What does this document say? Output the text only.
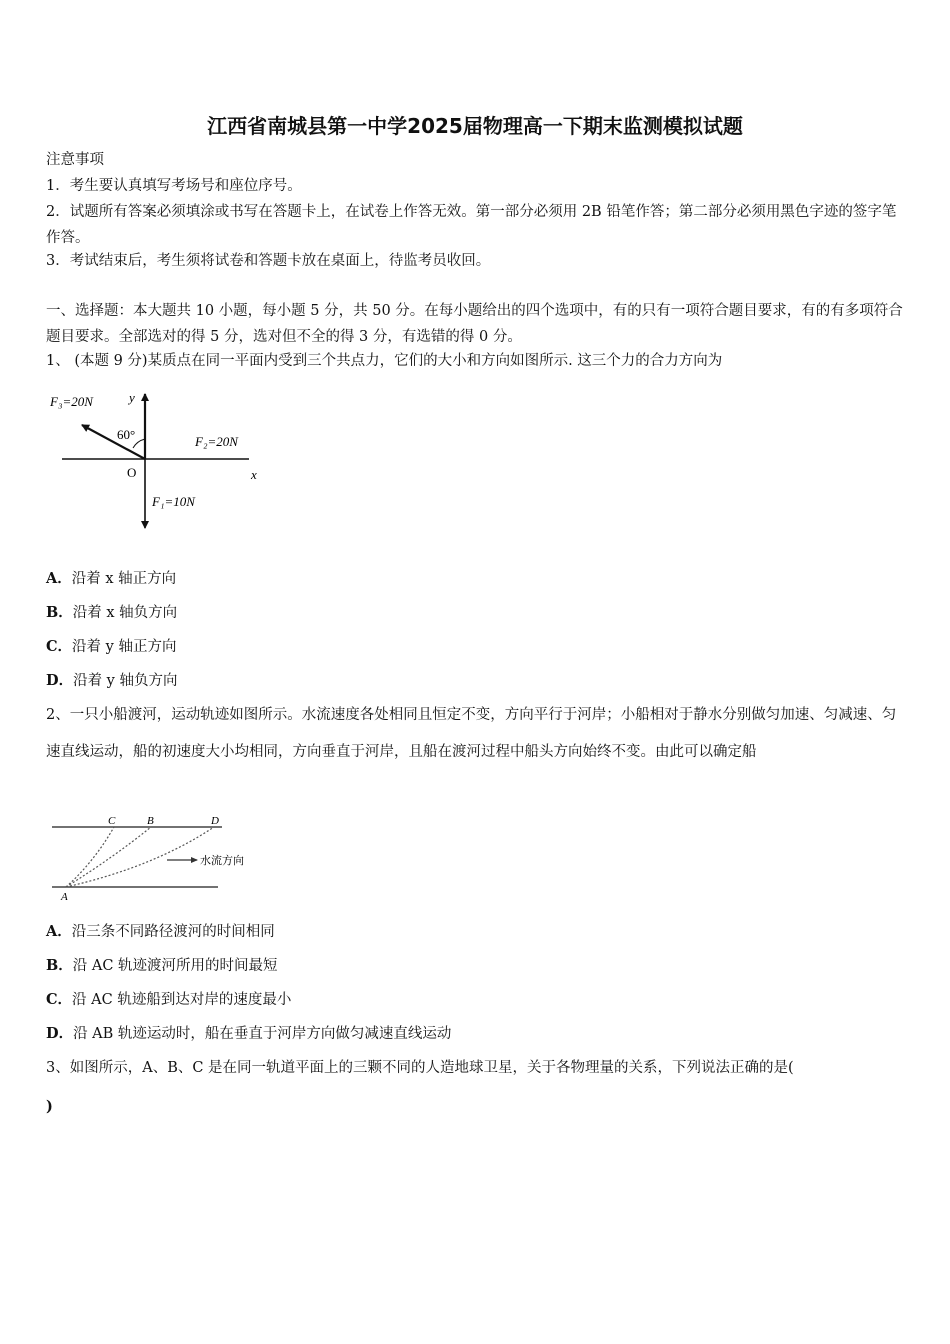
江西省南城县第一中学2025届物理高一下期末监测模拟试题
注意事项
1．考生要认真填写考场号和座位序号。
2．试题所有答案必须填涂或书写在答题卡上，在试卷上作答无效。第一部分必须用 2B 铅笔作答；第二部分必须用黑色字迹的签字笔作答。
3．考试结束后，考生须将试卷和答题卡放在桌面上，待监考员收回。
一、选择题：本大题共 10 小题，每小题 5 分，共 50 分。在每小题给出的四个选项中，有的只有一项符合题目要求，有的有多项符合题目要求。全部选对的得 5 分，选对但不全的得 3 分，有选错的得 0 分。
1、 (本题 9 分)某质点在同一平面内受到三个共点力，它们的大小和方向如图所示. 这三个力的合力方向为
F₃=20N
F₂=20N
F₁=10N
60°
y
x
O
A．沿着 x 轴正方向
B．沿着 x 轴负方向
C．沿着 y 轴正方向
D．沿着 y 轴负方向
2、一只小船渡河，运动轨迹如图所示。水流速度各处相同且恒定不变，方向平行于河岸；小船相对于静水分别做匀加速、匀减速、匀速直线运动，船的初速度大小均相同，方向垂直于河岸，且船在渡河过程中船头方向始终不变。由此可以确定船
水流方向
C	B	D
A
A．沿三条不同路径渡河的时间相同
B．沿 AC 轨迹渡河所用的时间最短
C．沿 AC 轨迹船到达对岸的速度最小
D．沿 AB 轨迹运动时，船在垂直于河岸方向做匀减速直线运动
3、如图所示，A、B、C 是在同一轨道平面上的三颗不同的人造地球卫星，关于各物理量的关系，下列说法正确的是(
)
